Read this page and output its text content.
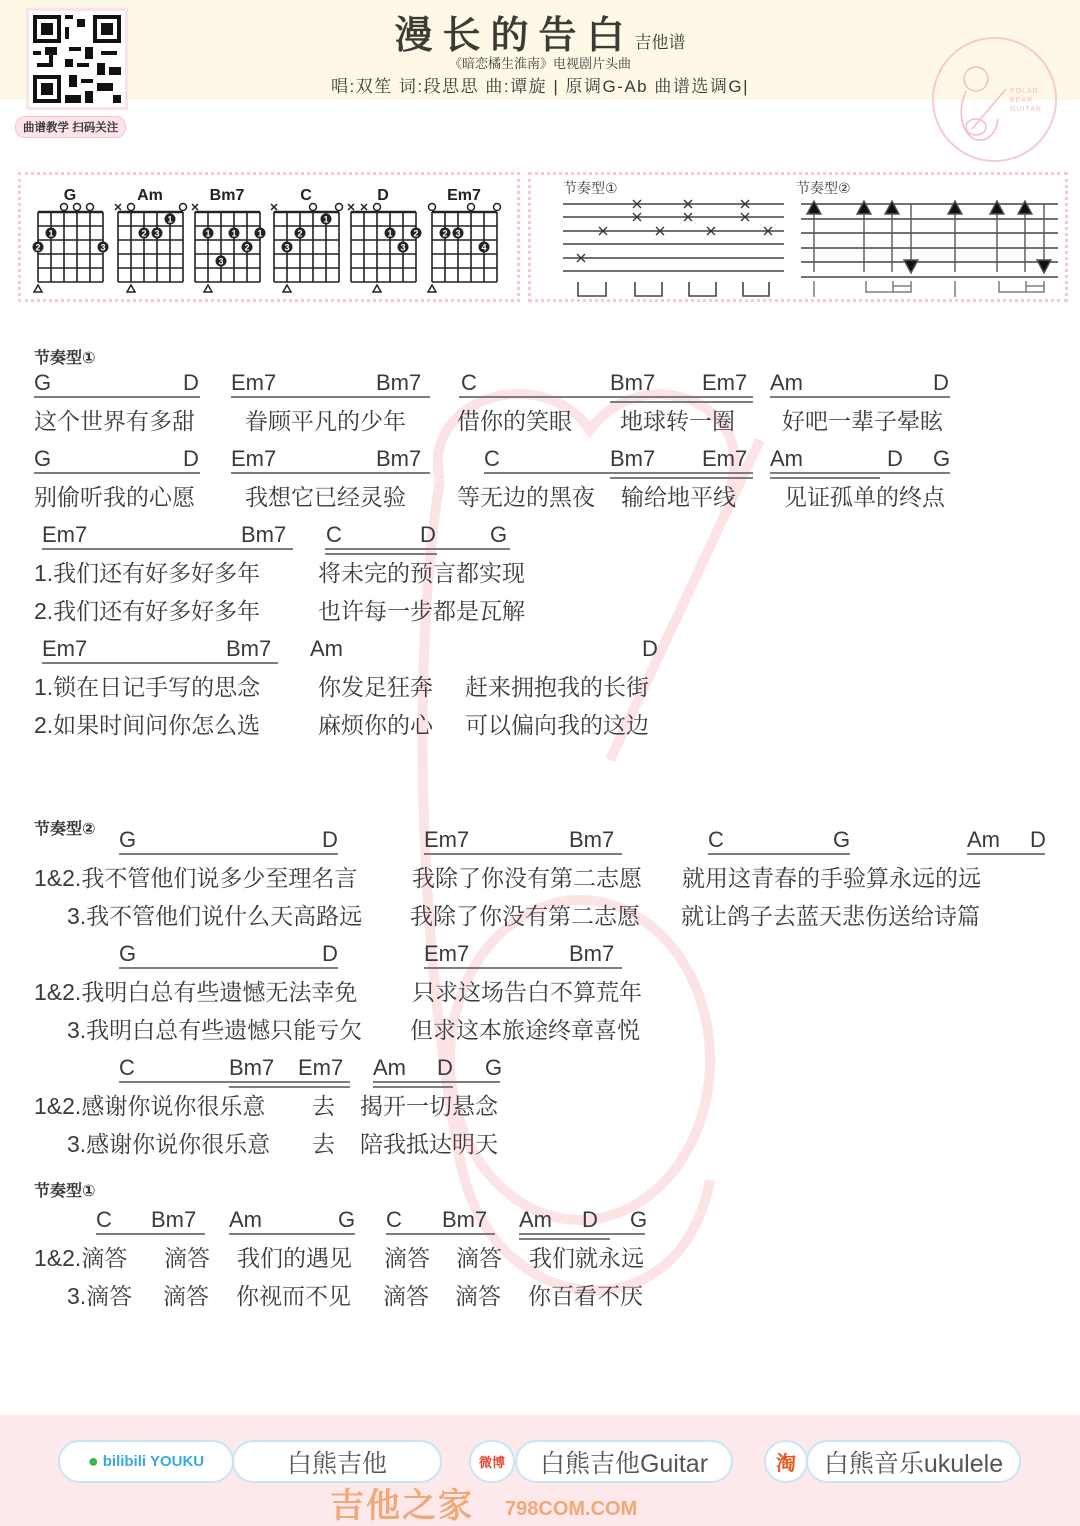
漫长的告白吉他谱
《暗恋橘生淮南》电视剧片头曲
唱:双笙 词:段思思 曲:谭旋 | 原调G-Ab 曲谱选调G|
曲谱教学 扫码关注
POLAR BEAR GUITAR
G
1
2	3
Am
1
2 3
Bm7
1 1 1
2
3
C
1
2
3
D
1 2
3
Em7
2 3
4
节奏型①	节奏型②
节奏型①
G	D Em7	Bm7 C	Bm7 Em7 Am	D
这个世界有多甜 眷顾平凡的少年 借你的笑眼 地球转一圈 好吧一辈子晕眩
G	D Em7	Bm7	C	Bm7 Em7 Am	D G
别偷听我的心愿 我想它已经灵验 等无边的黑夜 输给地平线 见证孤单的终点
Em7	Bm7 C	D G
1.我们还有好多好多年	将未完的预言都实现
2.我们还有好多好多年	也许每一步都是瓦解
Em7	Bm7 Am	D
1.锁在日记手写的思念	你发足狂奔 赶来拥抱我的长街
2.如果时间问你怎么选	麻烦你的心 可以偏向我的这边
节奏型② G	D	Em7	Bm7	C	G	Am D
1&2.我不管他们说多少至理名言 我除了你没有第二志愿 就用这青春的手验算永远的远
3.我不管他们说什么天高路远 我除了你没有第二志愿 就让鸽子去蓝天悲伤送给诗篇
G	D	Em7	Bm7
1&2.我明白总有些遗憾无法幸免 只求这场告白不算荒年
3.我明白总有些遗憾只能亏欠 但求这本旅途终章喜悦
C	Bm7 Em7 Am D G
1&2.感谢你说你很乐意 去 揭开一切悬念
3.感谢你说你很乐意 去 陪我抵达明天
节奏型①
C Bm7 Am	G C Bm7 Am D G
1&2.滴答 滴答 我们的遇见 滴答 滴答 我们就永远
3.滴答 滴答 你视而不见 滴答 滴答 你百看不厌
● bilibili YOUKU	白熊吉他	微博 白熊吉他Guitar	淘 白熊音乐ukulele
吉他之家 798COM.COM
